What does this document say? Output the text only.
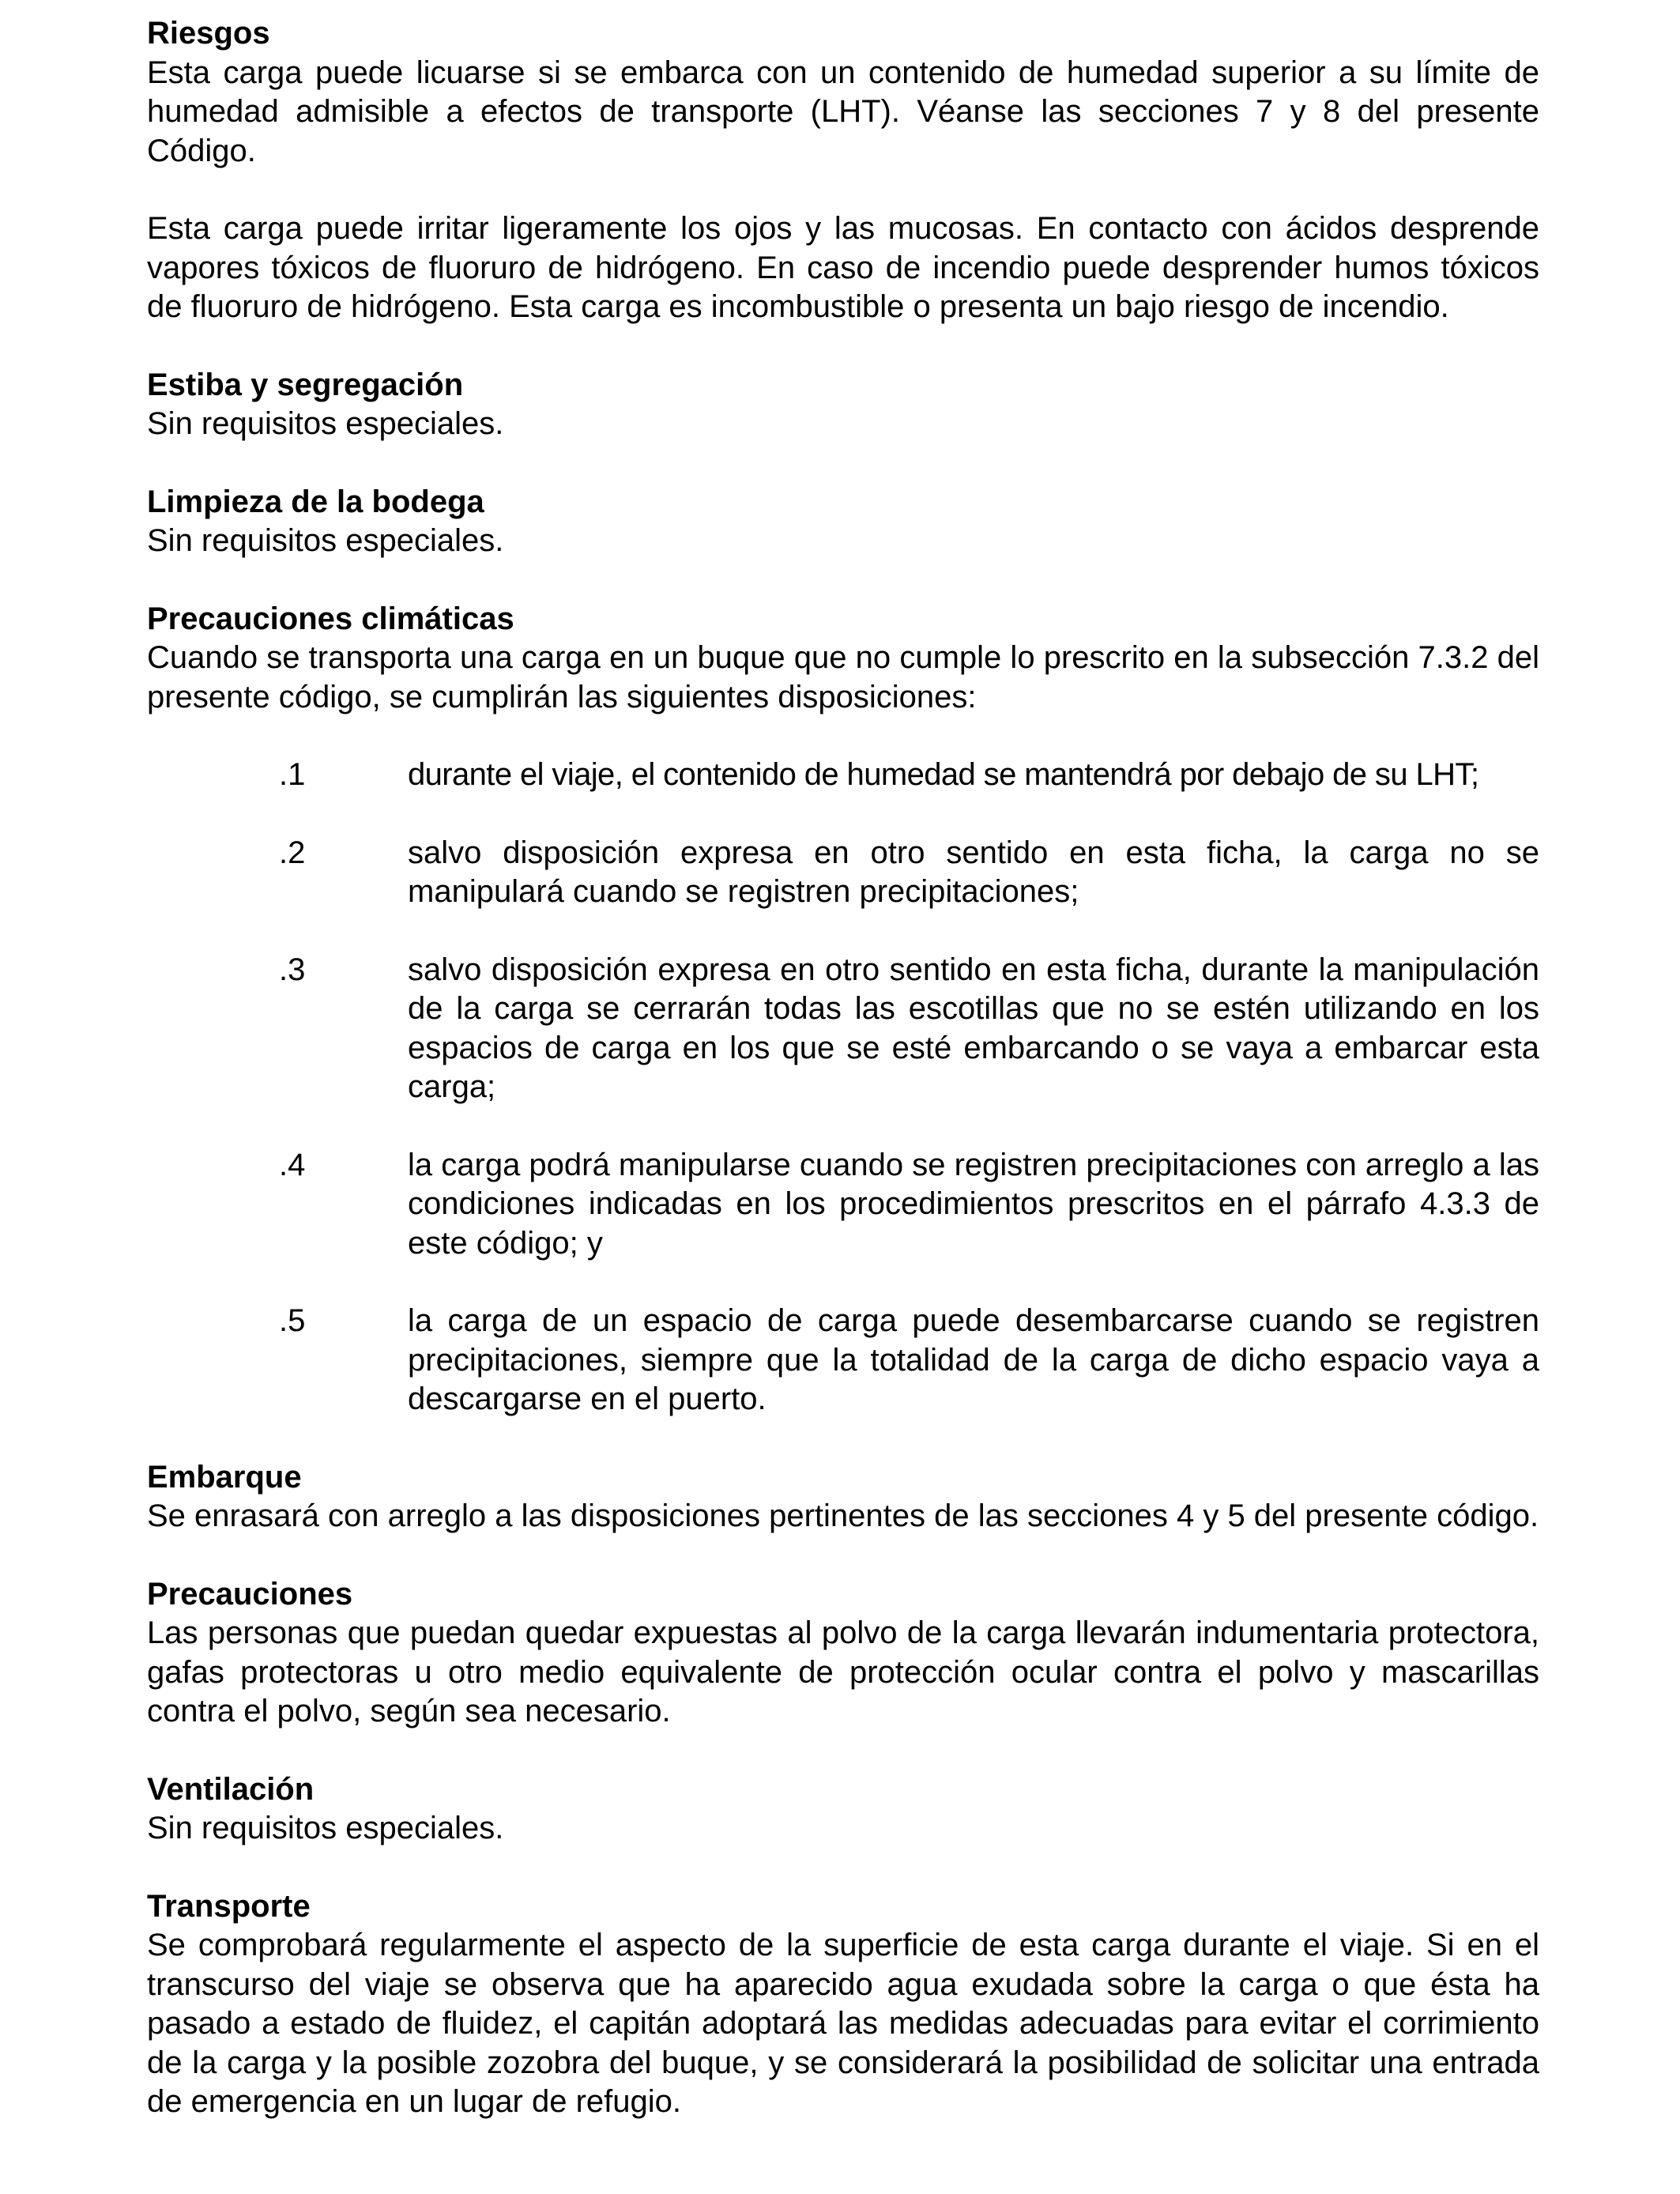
Riesgos

Esta carga puede licuarse si se embarca con un contenido de humedad superior a su límite de humedad admisible a efectos de transporte (LHT). Véanse las secciones 7 y 8 del presente Código.

Esta carga puede irritar ligeramente los ojos y las mucosas. En contacto con ácidos desprende vapores tóxicos de fluoruro de hidrógeno. En caso de incendio puede desprender humos tóxicos de fluoruro de hidrógeno. Esta carga es incombustible o presenta un bajo riesgo de incendio.

Estiba y segregación

Sin requisitos especiales.

Limpieza de la bodega

Sin requisitos especiales.

Precauciones climáticas

Cuando se transporta una carga en un buque que no cumple lo prescrito en la subsección 7.3.2 del presente código, se cumplirán las siguientes disposiciones:

.1	durante el viaje, el contenido de humedad se mantendrá por debajo de su LHT;
.2	salvo disposición expresa en otro sentido en esta ficha, la carga no se manipulará cuando se registren precipitaciones;
.3	salvo disposición expresa en otro sentido en esta ficha, durante la manipulación de la carga se cerrarán todas las escotillas que no se estén utilizando en los espacios de carga en los que se esté embarcando o se vaya a embarcar esta carga;
.4	la carga podrá manipularse cuando se registren precipitaciones con arreglo a las condiciones indicadas en los procedimientos prescritos en el párrafo 4.3.3 de este código; y
.5	la carga de un espacio de carga puede desembarcarse cuando se registren precipitaciones, siempre que la totalidad de la carga de dicho espacio vaya a descargarse en el puerto.

Embarque

Se enrasará con arreglo a las disposiciones pertinentes de las secciones 4 y 5 del presente código.

Precauciones

Las personas que puedan quedar expuestas al polvo de la carga llevarán indumentaria protectora, gafas protectoras u otro medio equivalente de protección ocular contra el polvo y mascarillas contra el polvo, según sea necesario.

Ventilación

Sin requisitos especiales.

Transporte

Se comprobará regularmente el aspecto de la superficie de esta carga durante el viaje. Si en el transcurso del viaje se observa que ha aparecido agua exudada sobre la carga o que ésta ha pasado a estado de fluidez, el capitán adoptará las medidas adecuadas para evitar el corrimiento de la carga y la posible zozobra del buque, y se considerará la posibilidad de solicitar una entrada de emergencia en un lugar de refugio.
